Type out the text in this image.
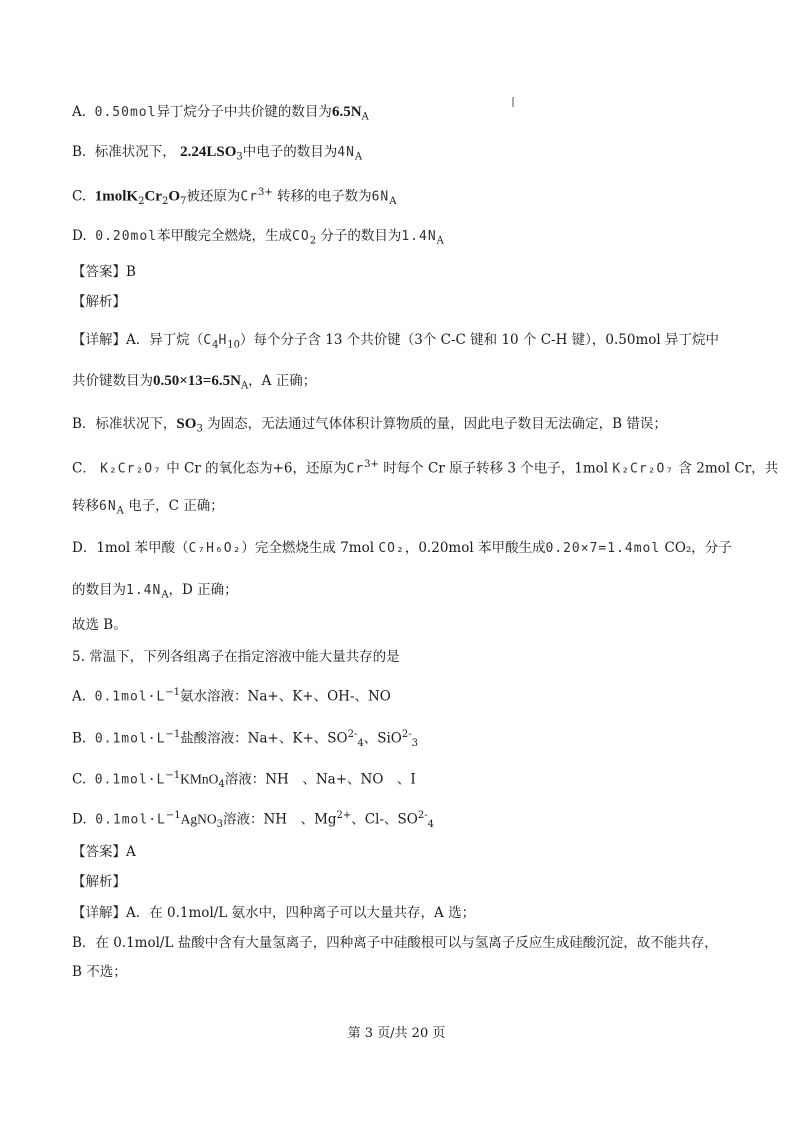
A. 0.50mol异丁烷分子中共价键的数目为$6.5N_A$
B. 标准状况下， $2.24LSO_3$中电子的数目为$4N_A$
C. $1molK_2Cr_2O_7$被还原为$Cr^{3+}$ 转移的电子数为$6N_A$
D. 0.20mol苯甲酸完全燃烧，生成$CO_2$ 分子的数目为$1.4N_A$
【答案】B
【解析】
【详解】A．异丁烷$(C_4H_{10})$每个分子含 13 个共价键（3个 C-C 键和 10 个 C-H 键），0.50mol 异丁烷中
共价键数目为$0.50\times 13=6.5N_A$，A 正确；
B．标准状况下，$SO_3$ 为固态，无法通过气体体积计算物质的量，因此电子数目无法确定，B 错误；
C． K₂Cr₂O₇ 中 Cr 的氧化态为+6，还原为$Cr^{3+}$ 时每个 Cr 原子转移 3 个电子，1mol K₂Cr₂O₇ 含 2mol Cr，共
转移$6N_A$ 电子，C 正确；
D．1mol 苯甲酸（C₇H₆O₂）完全燃烧生成 7mol CO₂，0.20mol 苯甲酸生成0.20×7=1.4mol CO₂，分子
的数目为$1.4N_A$，D 正确；
故选 B。
5. 常温下，下列各组离子在指定溶液中能大量共存的是
A. $0.1mol\cdot L^{-1}$氨水溶液：Na+、K+、OH-、NO
B. $0.1mol\cdot L^{-1}$盐酸溶液：Na+、K+、$SO^{2-}_4$、SiO$^{2-}_3$
C. $0.1mol\cdot L^{-1}KMnO_4$溶液：NH　、Na+、NO　、I
D. $0.1mol\cdot L^{-1}AgNO_3$溶液：NH　、$Mg^{2+}$、Cl-、$SO^{2-}_4$
【答案】A
【解析】
【详解】A．在 0.1mol/L 氨水中，四种离子可以大量共存，A 选；
B．在 0.1mol/L 盐酸中含有大量氢离子，四种离子中硅酸根可以与氢离子反应生成硅酸沉淀，故不能共存，
B 不选；
第 3 页/共 20 页
